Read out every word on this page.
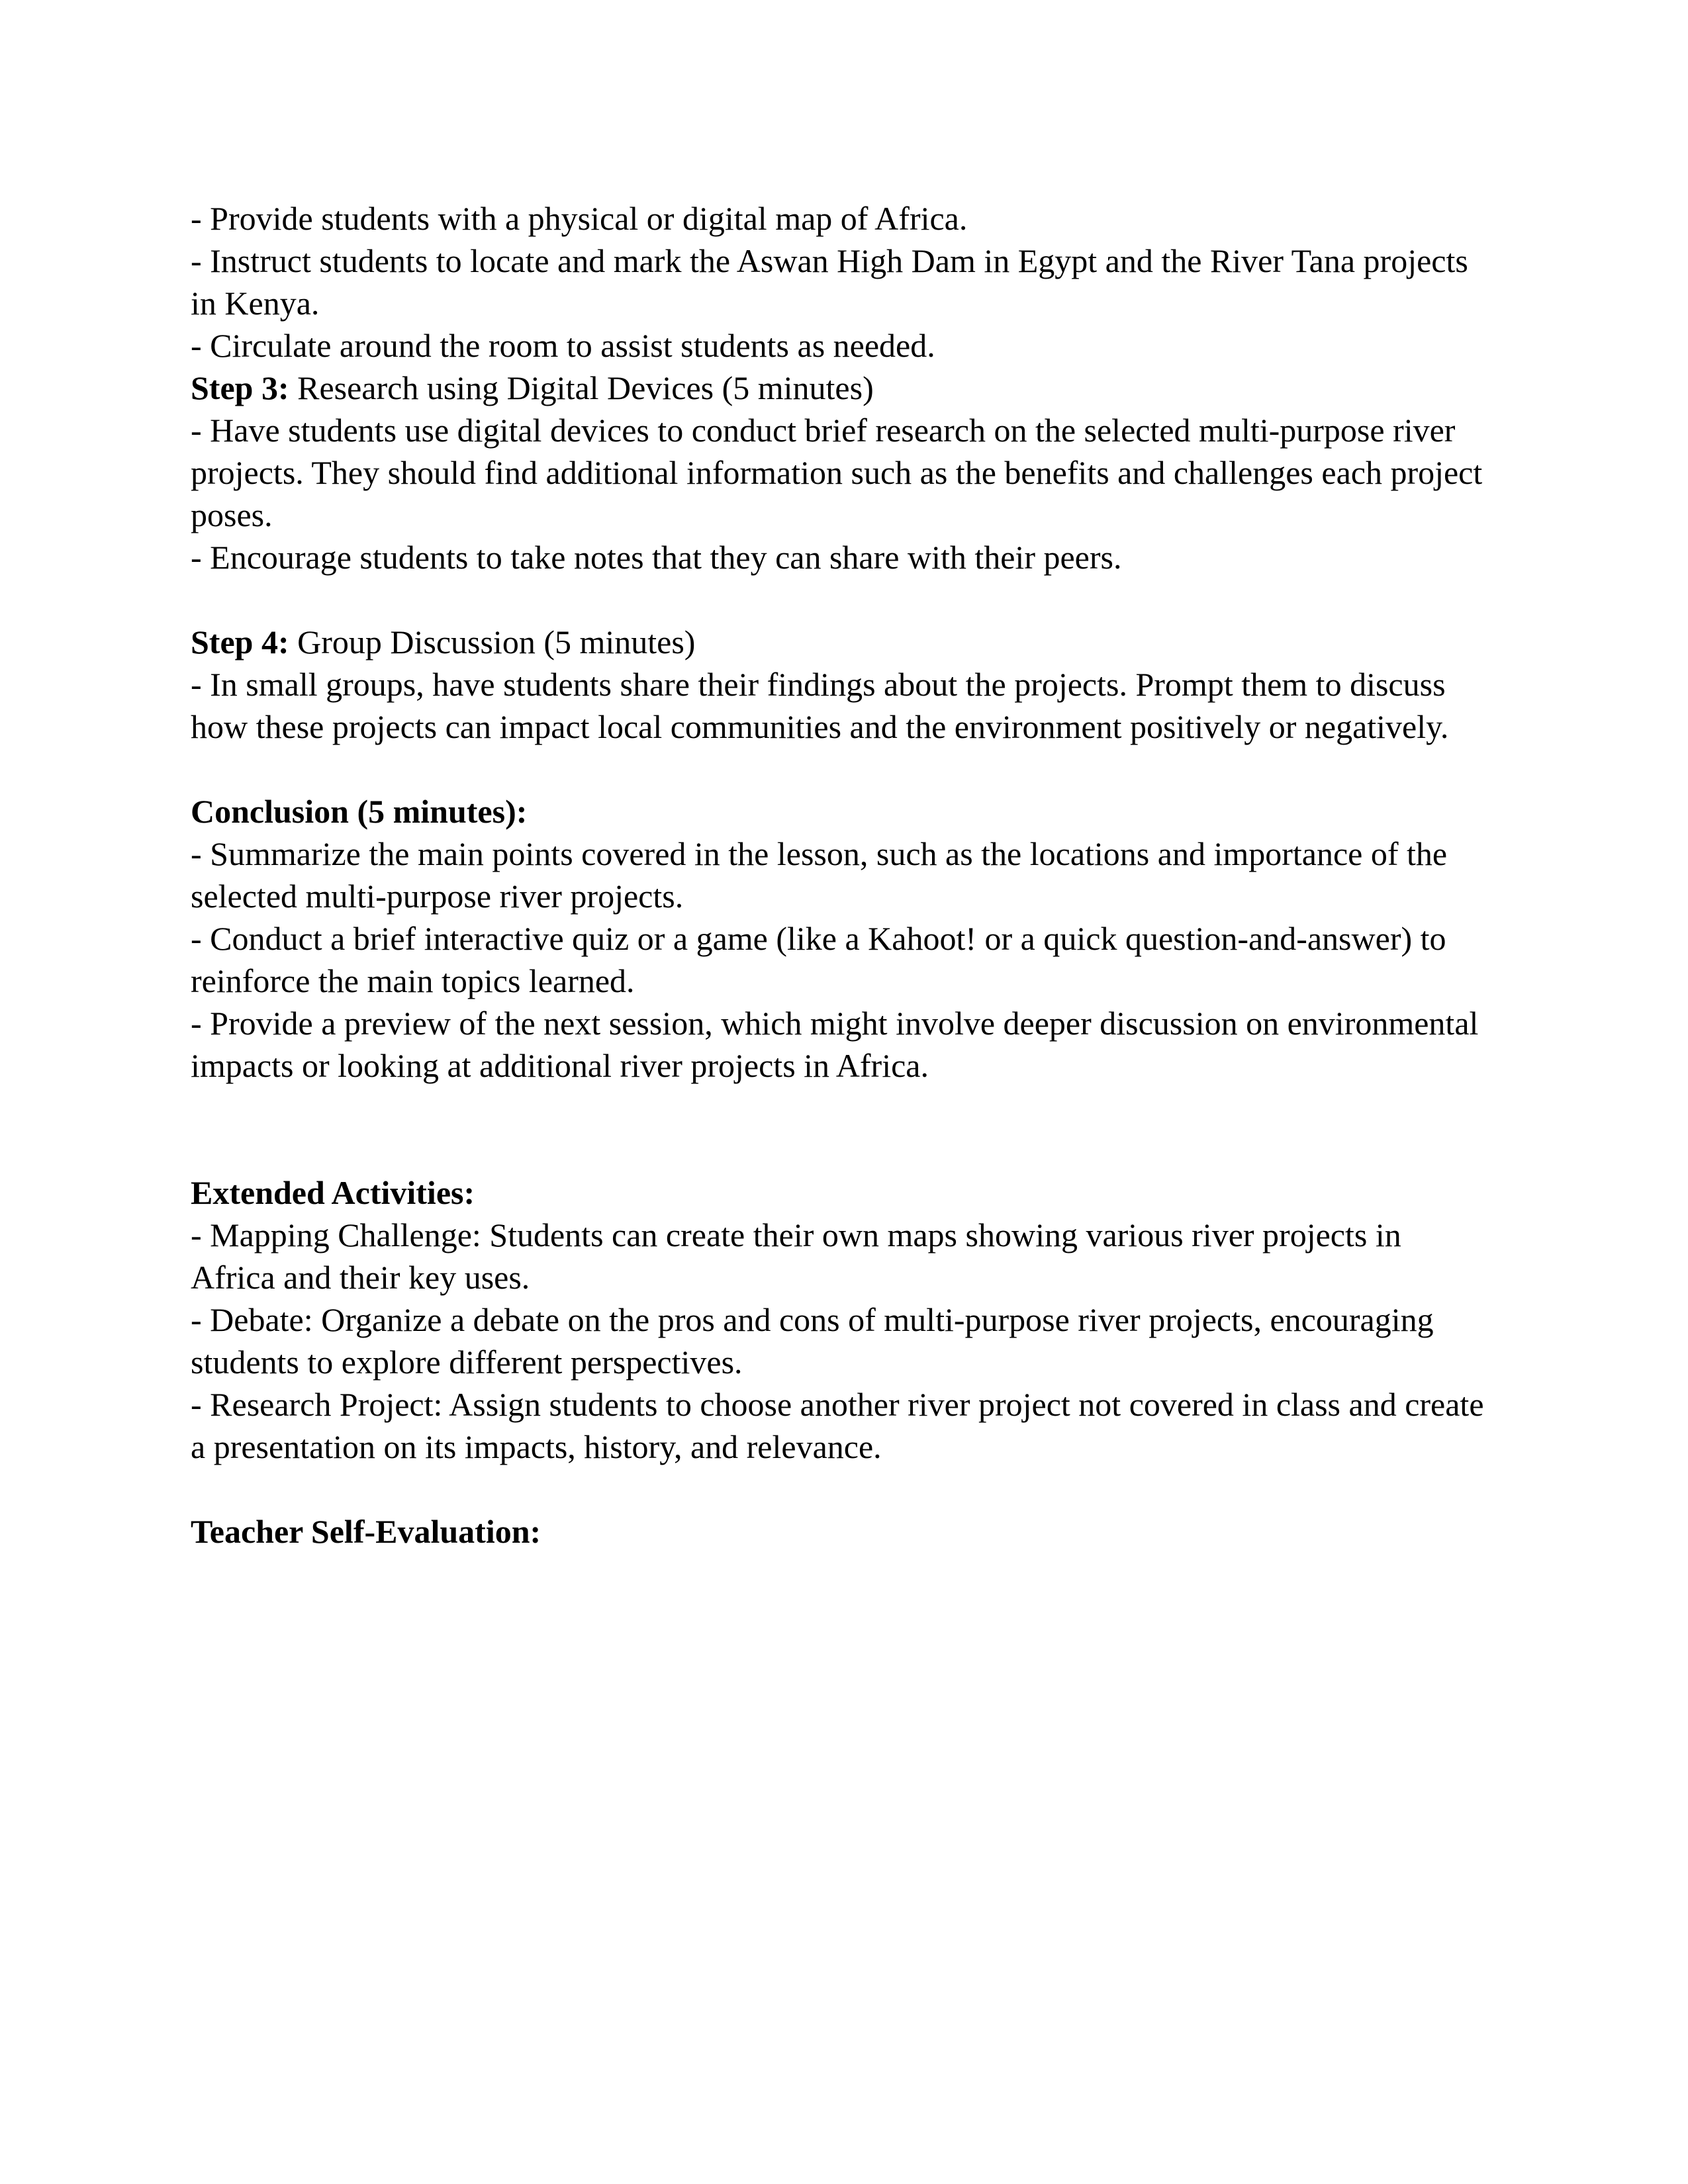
- Provide students with a physical or digital map of Africa.

- Instruct students to locate and mark the Aswan High Dam in Egypt and the River Tana projects in Kenya.

- Circulate around the room to assist students as needed.

Step 3: Research using Digital Devices (5 minutes)

- Have students use digital devices to conduct brief research on the selected multi-purpose river projects. They should find additional information such as the benefits and challenges each project poses.

- Encourage students to take notes that they can share with their peers.

Step 4: Group Discussion (5 minutes)

- In small groups, have students share their findings about the projects. Prompt them to discuss how these projects can impact local communities and the environment positively or negatively.

Conclusion (5 minutes):

- Summarize the main points covered in the lesson, such as the locations and importance of the selected multi-purpose river projects.

- Conduct a brief interactive quiz or a game (like a Kahoot! or a quick question-and-answer) to reinforce the main topics learned.

- Provide a preview of the next session, which might involve deeper discussion on environmental impacts or looking at additional river projects in Africa.

Extended Activities:

- Mapping Challenge: Students can create their own maps showing various river projects in Africa and their key uses.

- Debate: Organize a debate on the pros and cons of multi-purpose river projects, encouraging students to explore different perspectives.

- Research Project: Assign students to choose another river project not covered in class and create a presentation on its impacts, history, and relevance.

Teacher Self-Evaluation:
